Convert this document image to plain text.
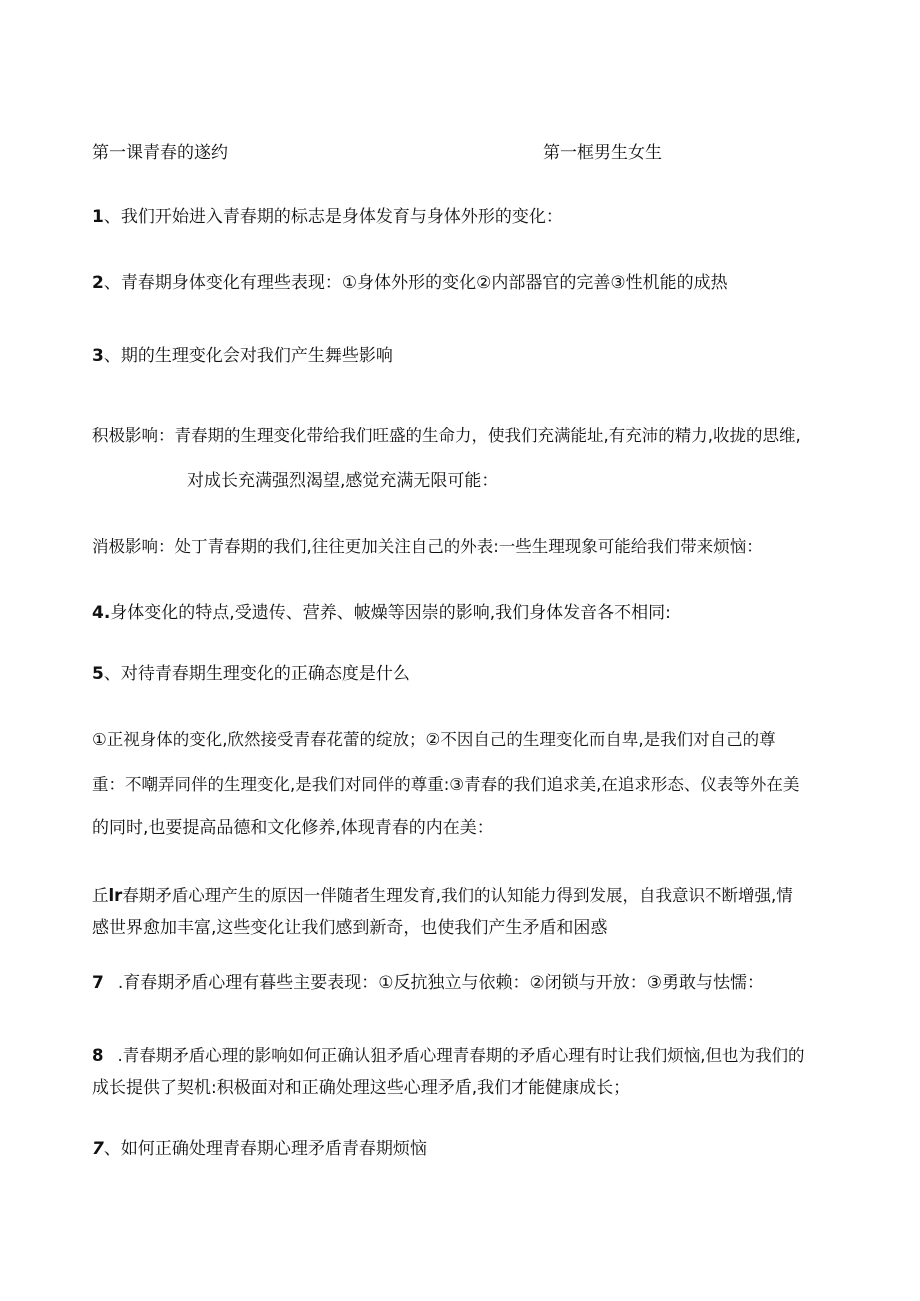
第一课青春的遂约	第一框男生女生
1、我们开始进入青春期的标志是身体发育与身体外形的变化：
2、青春期身体变化有理些表现：①身体外形的变化②内部器官的完善③性机能的成热
3、期的生理变化会对我们产生舞些影响
积极影响：青春期的生理变化带给我们旺盛的生命力，使我们充满能址,有充沛的精力,收拢的思维,
对成长充满强烈渴望,感觉充满无限可能：
消极影响：处丁青春期的我们,往往更加关注自己的外表:一些生理现象可能给我们带来烦恼：
4.身体变化的特点,受遗传、营养、帔燥等因崇的影响,我们身体发音各不相同:
5、对待青春期生理变化的正确态度是什么
①正视身体的变化,欣然接受青春花蕾的绽放；②不因自己的生理变化而自卑,是我们对自己的尊
重：不嘲弄同伴的生理变化,是我们对同伴的尊重:③青春的我们追求美,在追求形态、仪表等外在美
的同时,也要提高品德和文化修养,体现青春的内在美：
丘lr春期矛盾心理产生的原因一伴随者生理发育,我们的认知能力得到发展，自我意识不断增强,情
感世界愈加丰富,这些变化让我们感到新奇，也使我们产生矛盾和困惑
7 .育春期矛盾心理有暮些主要表现：①反抗独立与依赖：②闭锁与开放：③勇敢与怯懦：
8 .青春期矛盾心理的影响如何正确认狙矛盾心理青春期的矛盾心理有时让我们烦恼,但也为我们的
成长提供了契机:积极面对和正确处理这些心理矛盾,我们才能健康成长；
7、如何正确处理青春期心理矛盾青春期烦恼
